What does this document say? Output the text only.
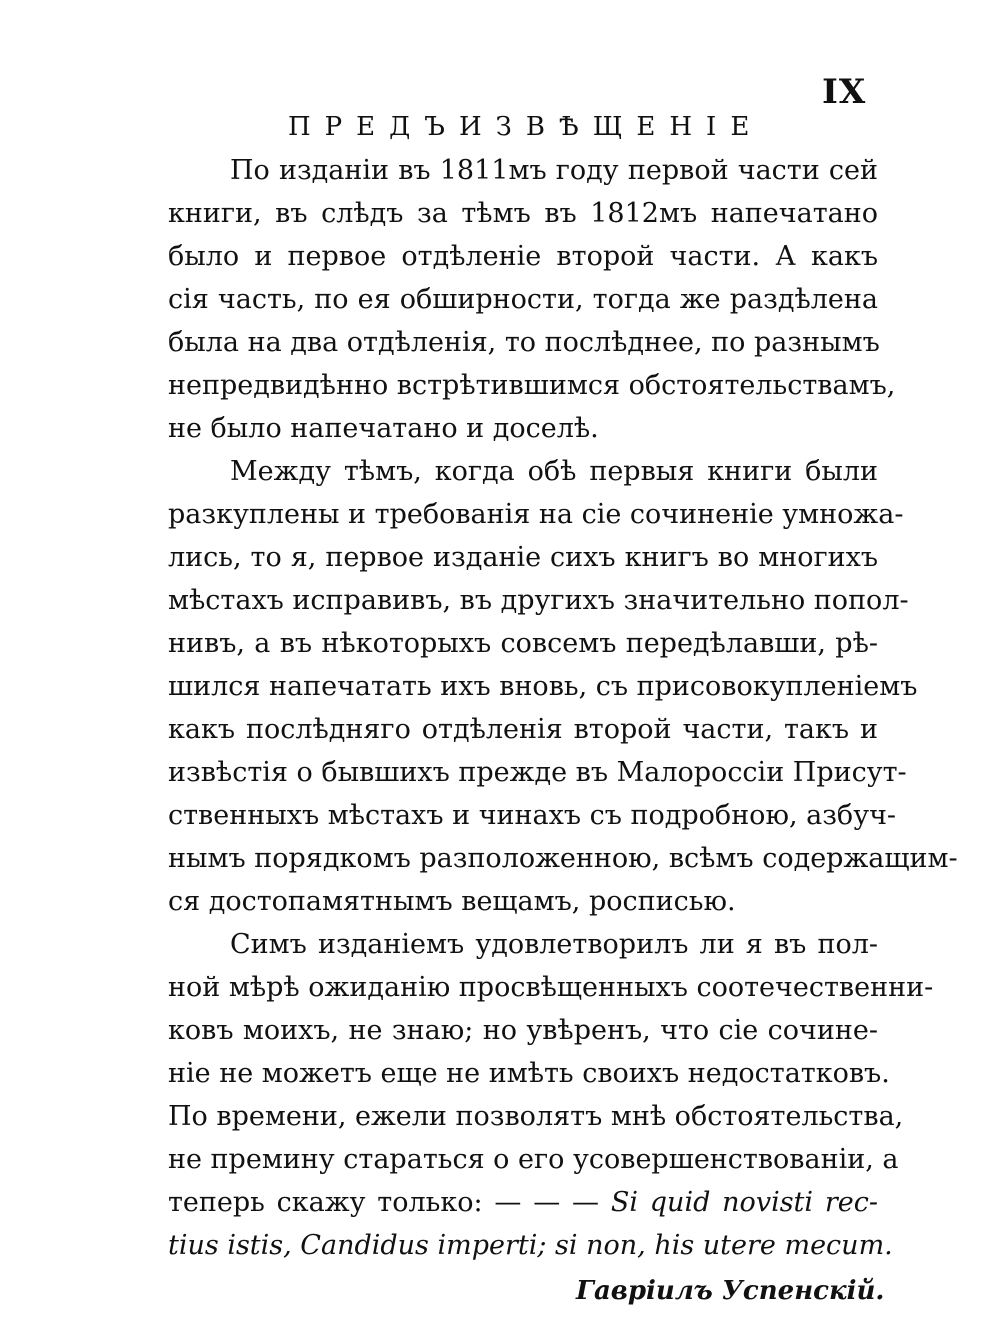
IX
ПРЕДЪИЗВѢЩЕНІЕ
По изданіи въ 1811мъ году первой части сей
книги, въ слѣдъ за тѣмъ въ 1812мъ напечатано
было и первое отдѣленіе второй части. А какъ
сія часть, по ея обширности, тогда же раздѣлена
была на два отдѣленія, то послѣднее, по разнымъ
непредвидѣнно встрѣтившимся обстоятельствамъ,
не было напечатано и доселѣ.
Между тѣмъ, когда обѣ первыя книги были
разкуплены и требованія на сіе сочиненіе умножа-
лись, то я, первое изданіе сихъ книгъ во многихъ
мѣстахъ исправивъ, въ другихъ значительно попол-
нивъ, а въ нѣкоторыхъ совсемъ передѣлавши, рѣ-
шился напечатать ихъ вновь, съ присовокупленіемъ
какъ послѣдняго отдѣленія второй части, такъ и
извѣстія о бывшихъ прежде въ Малороссіи Присут-
ственныхъ мѣстахъ и чинахъ съ подробною, азбуч-
нымъ порядкомъ разположенною, всѣмъ содержащим-
ся достопамятнымъ вещамъ, росписью.
Симъ изданіемъ удовлетворилъ ли я въ пол-
ной мѣрѣ ожиданію просвѣщенныхъ соотечественни-
ковъ моихъ, не знаю; но увѣренъ, что сіе сочине-
ніе не можетъ еще не имѣть своихъ недостатковъ.
По времени, ежели позволятъ мнѣ обстоятельства,
не премину стараться о его усовершенствованіи, а
теперь скажу только: — — — Si quid novisti rec-
tius istis, Candidus imperti; si non, his utere mecum.
Гавріилъ Успенскій.
